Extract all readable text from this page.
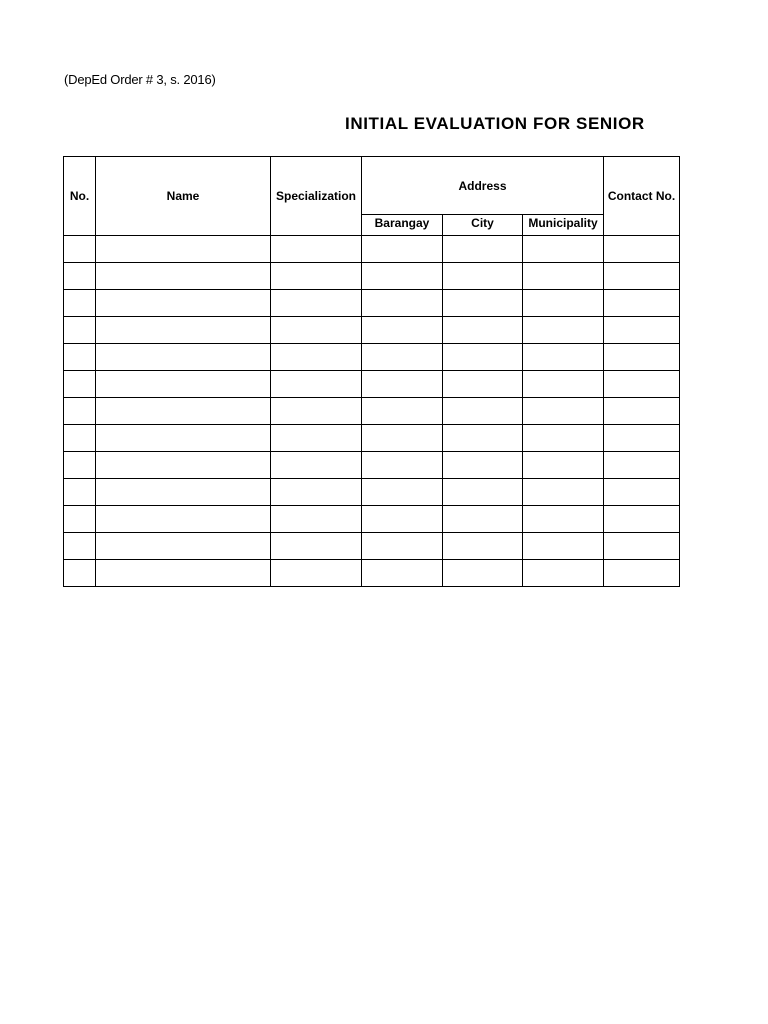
(DepEd Order # 3, s. 2016)
INITIAL EVALUATION FOR SENIOR
No.	Name	Specialization	Address			Contact No.
			Barangay	City	Municipality	
